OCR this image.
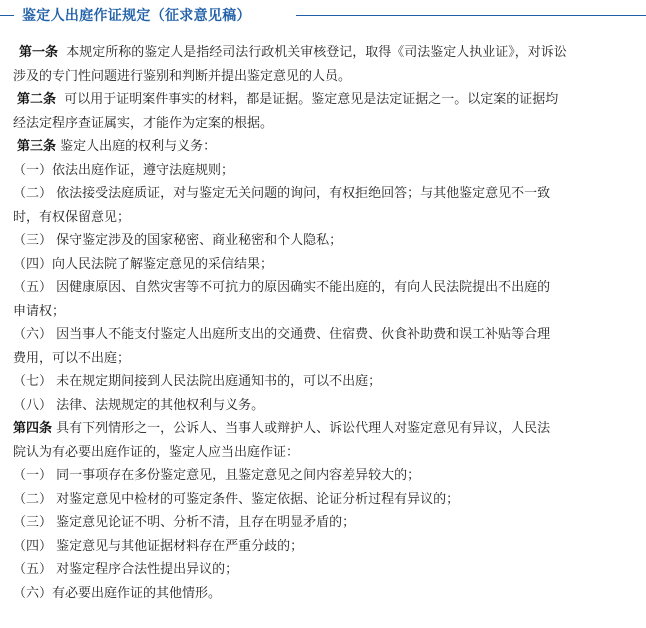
鉴定人出庭作证规定（征求意见稿）

第一条 本规定所称的鉴定人是指经司法行政机关审核登记，取得《司法鉴定人执业证》，对诉讼

涉及的专门性问题进行鉴别和判断并提出鉴定意见的人员。

第二条 可以用于证明案件事实的材料，都是证据。鉴定意见是法定证据之一。以定案的证据均

经法定程序查证属实，才能作为定案的根据。

第三条 鉴定人出庭的权利与义务：

（一）依法出庭作证，遵守法庭规则；

（二） 依法接受法庭质证，对与鉴定无关问题的询问，有权拒绝回答；与其他鉴定意见不一致

时，有权保留意见；

（三） 保守鉴定涉及的国家秘密、商业秘密和个人隐私；

（四）向人民法院了解鉴定意见的采信结果；

（五） 因健康原因、自然灾害等不可抗力的原因确实不能出庭的，有向人民法院提出不出庭的

申请权；

（六） 因当事人不能支付鉴定人出庭所支出的交通费、住宿费、伙食补助费和误工补贴等合理

费用，可以不出庭；

（七） 未在规定期间接到人民法院出庭通知书的，可以不出庭；

（八） 法律、法规规定的其他权利与义务。

第四条 具有下列情形之一，公诉人、当事人或辩护人、诉讼代理人对鉴定意见有异议，人民法

院认为有必要出庭作证的，鉴定人应当出庭作证：

（一） 同一事项存在多份鉴定意见，且鉴定意见之间内容差异较大的；

（二） 对鉴定意见中检材的可鉴定条件、鉴定依据、论证分析过程有异议的；

（三） 鉴定意见论证不明、分析不清，且存在明显矛盾的；

（四） 鉴定意见与其他证据材料存在严重分歧的；

（五） 对鉴定程序合法性提出异议的；

（六）有必要出庭作证的其他情形。
